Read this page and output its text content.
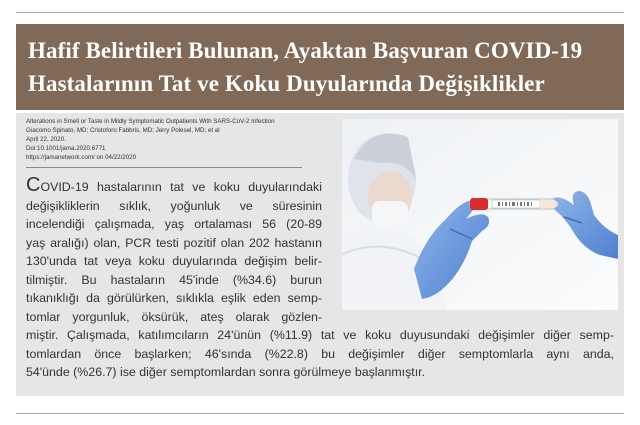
Hafif Belirtileri Bulunan, Ayaktan Başvuran COVID-19
Hastalarının Tat ve Koku Duyularında Değişiklikler
Alterations in Smell or Taste in Mildly Symptomatic Outpatients With SARS-CoV-2 Infection
Giacomo Spinato, MD; Cristoforo Fabbris, MD; Jerry Polesel, MD; et al
April 22, 2020.
Doi:10.1001/jama.2020.6771
https://jamanetwork.com/ on 04/22/2020
COVID-19 hastalarının tat ve koku duyularındaki
değişikliklerin sıklık, yoğunluk ve süresinin
incelendiği çalışmada, yaş ortalaması 56 (20-89
yaş aralığı) olan, PCR testi pozitif olan 202 hastanın
130'unda tat veya koku duyularında değişim belir-
tilmiştir. Bu hastaların 45'inde (%34.6) burun
tıkanıklığı da görülürken, sıklıkla eşlik eden semp-
tomlar yorgunluk, öksürük, ateş olarak gözlen-
miştir. Çalışmada, katılımcıların 24'ünün (%11.9) tat ve koku duyusundaki değişimler diğer semp-
tomlardan önce başlarken; 46'sında (%22.8) bu değişimler diğer semptomlarla aynı anda,
54'ünde (%26.7) ise diğer semptomlardan sonra görülmeye başlanmıştır.
